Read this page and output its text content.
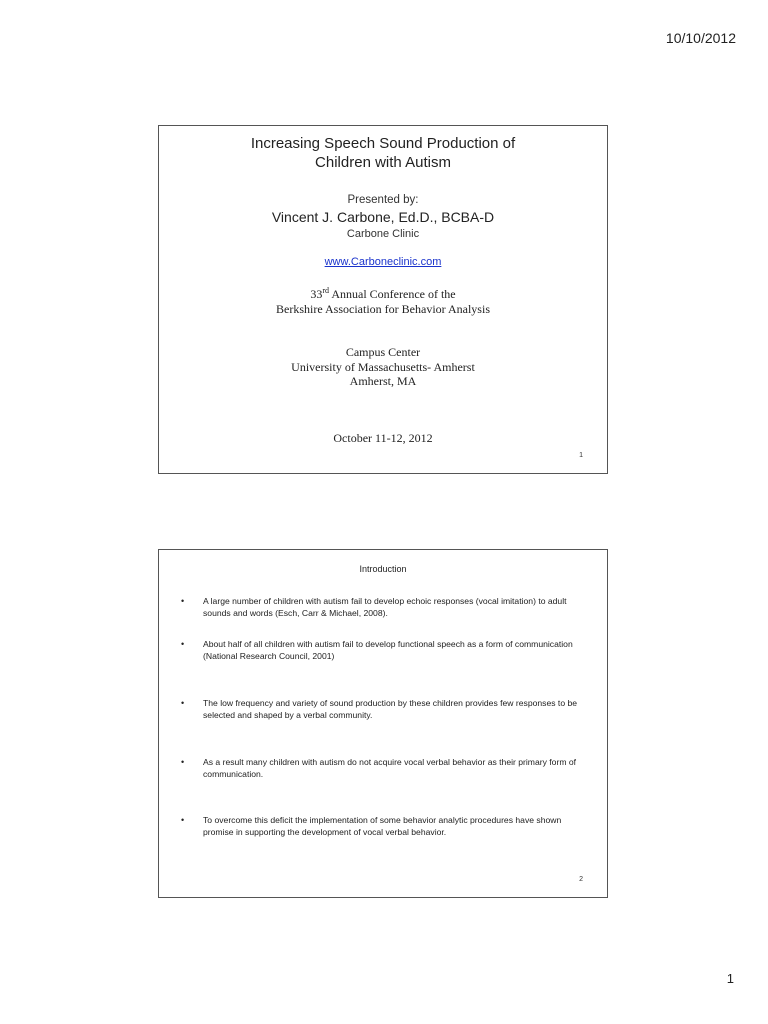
10/10/2012
Increasing Speech Sound Production of
Children with Autism
Presented by:
Vincent J. Carbone, Ed.D., BCBA-D
Carbone Clinic
www.Carboneclinic.com
33rd Annual Conference of the
Berkshire Association for Behavior Analysis
Campus Center
University of Massachusetts- Amherst
Amherst, MA
October 11-12, 2012
1
Introduction
•	A large number of children with autism fail to develop echoic responses (vocal imitation) to adult sounds and words (Esch, Carr & Michael, 2008).
•	About half of all children with autism fail to develop functional speech as a form of communication (National Research Council, 2001)
•	The low frequency and variety of sound production by these children provides few responses to be selected and shaped by a verbal community.
•	As a result many children with autism do not acquire vocal verbal behavior as their primary form of communication.
•	To overcome this deficit the implementation of some behavior analytic procedures have shown promise in supporting the development of vocal verbal behavior.
2
1
